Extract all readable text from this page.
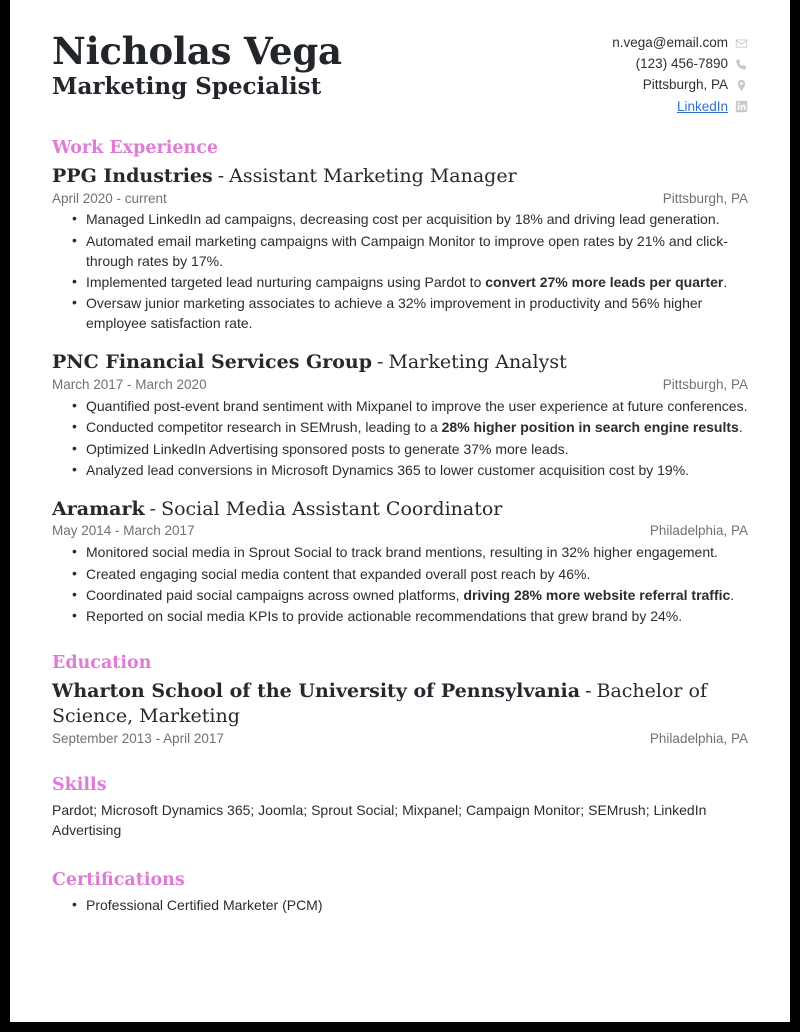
Nicholas Vega
Marketing Specialist
n.vega@email.com
(123) 456-7890
Pittsburgh, PA
LinkedIn
Work Experience
PPG Industries - Assistant Marketing Manager
April 2020 - current	Pittsburgh, PA
• Managed LinkedIn ad campaigns, decreasing cost per acquisition by 18% and driving lead generation.
• Automated email marketing campaigns with Campaign Monitor to improve open rates by 21% and click-through rates by 17%.
• Implemented targeted lead nurturing campaigns using Pardot to convert 27% more leads per quarter.
• Oversaw junior marketing associates to achieve a 32% improvement in productivity and 56% higher employee satisfaction rate.
PNC Financial Services Group - Marketing Analyst
March 2017 - March 2020	Pittsburgh, PA
• Quantified post-event brand sentiment with Mixpanel to improve the user experience at future conferences.
• Conducted competitor research in SEMrush, leading to a 28% higher position in search engine results.
• Optimized LinkedIn Advertising sponsored posts to generate 37% more leads.
• Analyzed lead conversions in Microsoft Dynamics 365 to lower customer acquisition cost by 19%.
Aramark - Social Media Assistant Coordinator
May 2014 - March 2017	Philadelphia, PA
• Monitored social media in Sprout Social to track brand mentions, resulting in 32% higher engagement.
• Created engaging social media content that expanded overall post reach by 46%.
• Coordinated paid social campaigns across owned platforms, driving 28% more website referral traffic.
• Reported on social media KPIs to provide actionable recommendations that grew brand by 24%.
Education
Wharton School of the University of Pennsylvania - Bachelor of Science, Marketing
September 2013 - April 2017	Philadelphia, PA
Skills
Pardot; Microsoft Dynamics 365; Joomla; Sprout Social; Mixpanel; Campaign Monitor; SEMrush; LinkedIn Advertising
Certifications
• Professional Certified Marketer (PCM)
